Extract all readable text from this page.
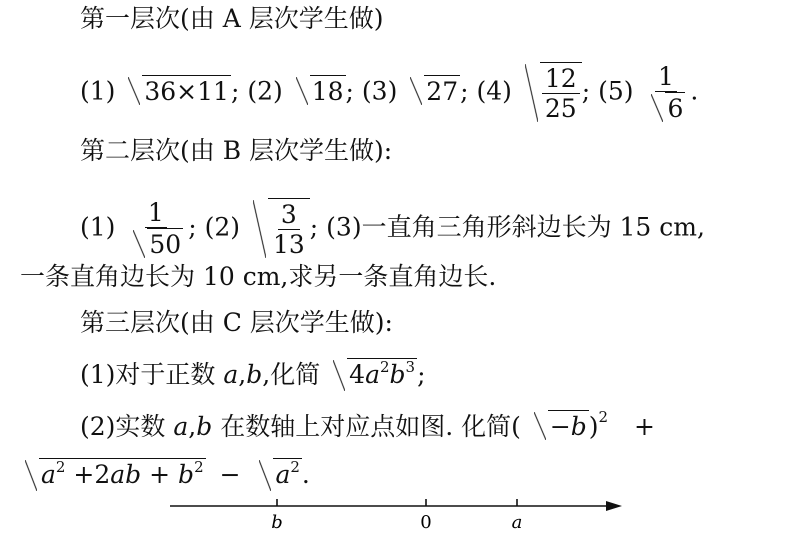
第一层次(由 A 层次学生做)
(1) 36×11; (2) 18; (3) 27; $(4) \frac{12}{25}$ ; $(5) \frac{1}{6}$ .
第二层次(由 B 层次学生做):
$(1) \frac{1}{50}$ ; $(2) \frac{3}{13}$ ; (3)一直角三角形斜边长为 15 cm,
一条直角边长为 10 cm,求另一条直角边长.
第三层次(由 C 层次学生做):
(1)对于正数 a,b,化简 $4a^2b^3$;
(2)实数 a,b 在数轴上对应点如图. 化简( −b)$^2$ +
$a^2 +2ab + b^2 - a^2$.
b	0	a
